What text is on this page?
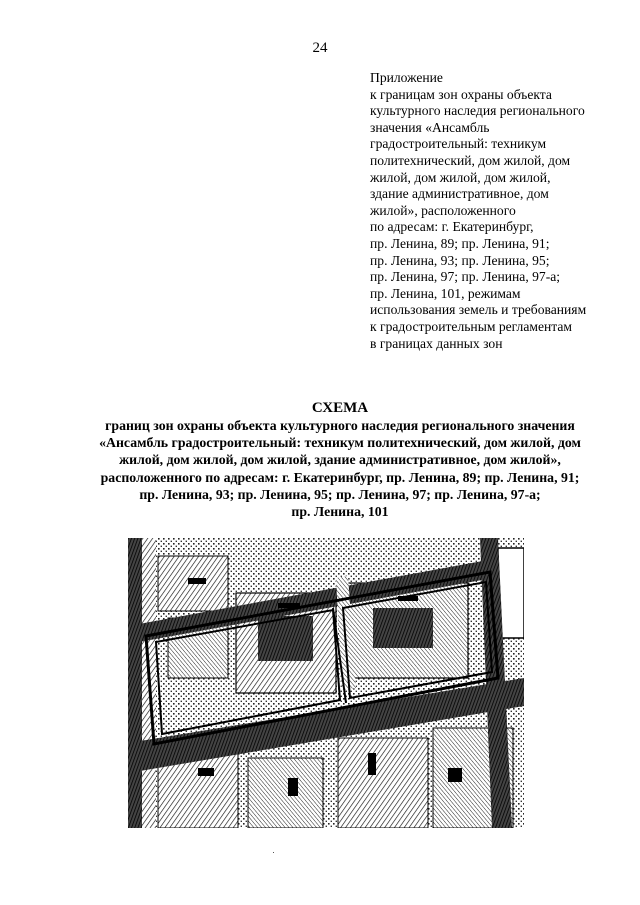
24
Приложение
к границам зон охраны объекта
культурного наследия регионального
значения «Ансамбль
градостроительный: техникум
политехнический, дом жилой, дом
жилой, дом жилой, дом жилой,
здание административное, дом
жилой», расположенного
по адресам: г. Екатеринбург,
пр. Ленина, 89; пр. Ленина, 91;
пр. Ленина, 93; пр. Ленина, 95;
пр. Ленина, 97; пр. Ленина, 97-а;
пр. Ленина, 101, режимам
использования земель и требованиям
к градостроительным регламентам
в границах данных зон
СХЕМА
границ зон охраны объекта культурного наследия регионального значения
«Ансамбль градостроительный: техникум политехнический, дом жилой, дом
жилой, дом жилой, дом жилой, здание административное, дом жилой»,
расположенного по адресам: г. Екатеринбург, пр. Ленина, 89; пр. Ленина, 91;
пр. Ленина, 93; пр. Ленина, 95; пр. Ленина, 97; пр. Ленина, 97-а;
пр. Ленина, 101
